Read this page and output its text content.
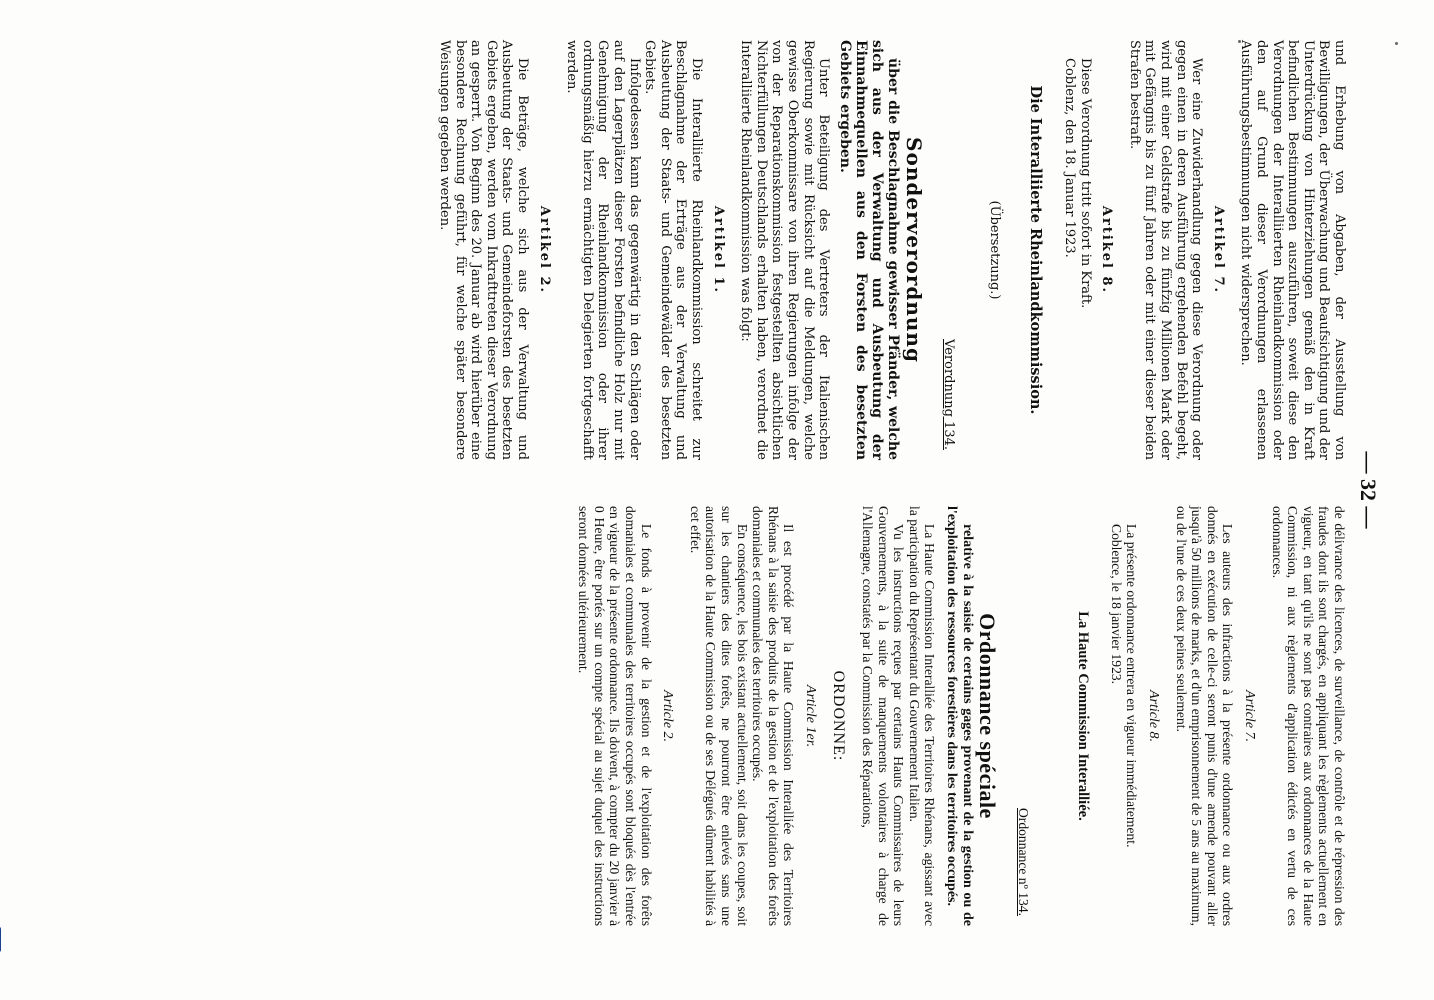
— 32 —

und Erhebung von Abgaben, der Ausstellung von Bewilligungen, der Überwachung und Beaufsichtigung und der Unterdrückung von Hinterziehungen gemäß den in Kraft befindlichen Bestimmungen auszuführen, soweit diese den Verordnungen der Interalliierten Rheinlandkommission oder den auf Grund dieser Verordnungen erlassenen Ausführungsbestimmungen nicht widersprechen.

Artikel 7.

Wer eine Zuwiderhandlung gegen diese Verordnung oder gegen einen in deren Ausführung ergehenden Befehl begeht, wird mit einer Geldstrafe bis zu fünfzig Millionen Mark oder mit Gefängnis bis zu fünf Jahren oder mit einer dieser beiden Strafen bestraft.

Artikel 8.

Diese Verordnung tritt sofort in Kraft.

Coblenz, den 18. Januar 1923.

Die Interalliierte Rheinlandkommission.
(Übersetzung.)
Verordnung 134.
Sonderverordnung

über die Beschlagnahme gewisser Pfänder, welche sich aus der Verwaltung und Ausbeutung der Einnahmequellen aus den Forsten des besetzten Gebiets ergeben.

Unter Beteiligung des Vertreters der Italienischen Regierung sowie mit Rücksicht auf die Meldungen, welche gewisse Oberkommissare von ihren Regierungen infolge der von der Reparationskommission festgestellten absichtlichen Nichterfüllungen Deutschlands erhalten haben, verordnet die Interalliierte Rheinlandkommission was folgt:

Artikel 1.

Die Interalliierte Rheinlandkommission schreitet zur Beschlagnahme der Erträge aus der Verwaltung und Ausbeutung der Staats- und Gemeindewälder des besetzten Gebiets.

Infolgedessen kann das gegenwärtig in den Schlägen oder auf den Lagerplätzen dieser Forsten befindliche Holz nur mit Genehmigung der Rheinlandkommission oder ihrer ordnungsmäßig hierzu ermächtigten Delegierten fortgeschafft werden.

Artikel 2.

Die Beträge, welche sich aus der Verwaltung und Ausbeutung der Staats- und Gemeindeforsten des besetzten Gebiets ergeben, werden vom Inkrafttreten dieser Verordnung an gesperrt. Von Beginn des 20. Januar ab wird hierüber eine besondere Rechnung geführt, für welche später besondere Weisungen gegeben werden.

de délivrance des licences, de surveillance, de contrôle et de répression des fraudes dont ils sont chargés, en appliquant les règlements actuellement en vigueur, en tant qu'ils ne sont pas contraires aux ordonnances de la Haute Commission, ni aux règlements d'application édictés en vertu de ces ordonnances.

Article 7.

Les auteurs des infractions à la présente ordonnance ou aux ordres donnés en exécution de celle-ci seront punis d'une amende pouvant aller jusqu'à 50 millions de marks, et d'un emprisonnement de 5 ans au maximum, ou de l'une de ces deux peines seulement.

Article 8.

La présente ordonnance entrera en vigueur immédiatement.

Coblence, le 18 janvier 1923.

La Haute Commission Interalliée.
Ordonnance nº 134.
Ordonnance spéciale

relative à la saisie de certains gages provenant de la gestion ou de l'exploitation des ressources forestières dans les territoires occupés.

La Haute Commission Interalliée des Territoires Rhénans, agissant avec la participation du Représentant du Gouvernement Italien.

Vu les instructions reçues par certains Hauts Commissaires de leurs Gouvernements, à la suite de manquements volontaires à charge de l'Allemagne, constatés par la Commission des Réparations,

ORDONNE:
Article 1er.

Il est procédé par la Haute Commission Interalliée des Territoires Rhénans à la saisie des produits de la gestion et de l'exploitation des forêts domaniales et communales des territoires occupés.

En conséquence, les bois existant actuellement, soit dans les coupes, soit sur les chantiers des dites forêts, ne pourront être enlevés sans une autorisation de la Haute Commission ou de ses Délégués dûment habilités à cet effet.

Article 2.

Le fonds à provenir de la gestion et de l'exploitation des forêts domaniales et communales des territoires occupés sont bloqués dès l'entrée en vigueur de la présente ordonnance. Ils doivent, à compter du 20 janvier à 0 Heure, être portés sur un compte spécial au sujet duquel des instructions seront données ultérieurement.
